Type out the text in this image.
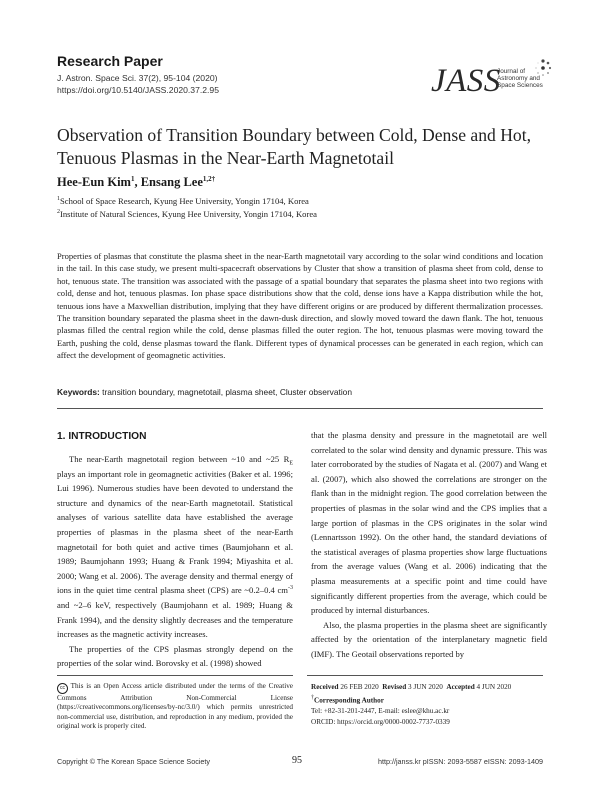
Research Paper
J. Astron. Space Sci. 37(2), 95-104 (2020)
https://doi.org/10.5140/JASS.2020.37.2.95	JASS
Journal of
Astronomy and
Space Sciences
Observation of Transition Boundary between Cold, Dense and Hot, Tenuous Plasmas in the Near-Earth Magnetotail
Hee-Eun Kim$^1$, Ensang Lee$^{1,2\dagger}$
$^1$School of Space Research, Kyung Hee University, Yongin 17104, Korea
$^2$Institute of Natural Sciences, Kyung Hee University, Yongin 17104, Korea
Properties of plasmas that constitute the plasma sheet in the near-Earth magnetotail vary according to the solar wind conditions and location in the tail. In this case study, we present multi-spacecraft observations by Cluster that show a transition of plasma sheet from cold, dense to hot, tenuous state. The transition was associated with the passage of a spatial boundary that separates the plasma sheet into two regions with cold, dense and hot, tenuous plasmas. Ion phase space distributions show that the cold, dense ions have a Kappa distribution while the hot, tenuous ions have a Maxwellian distribution, implying that they have different origins or are produced by different thermalization processes. The transition boundary separated the plasma sheet in the dawn-dusk direction, and slowly moved toward the dawn flank. The hot, tenuous plasmas filled the central region while the cold, dense plasmas filled the outer region. The hot, tenuous plasmas were moving toward the Earth, pushing the cold, dense plasmas toward the flank. Different types of dynamical processes can be generated in each region, which can affect the development of geomagnetic activities.
Keywords: transition boundary, magnetotail, plasma sheet, Cluster observation
1. INTRODUCTION

The near-Earth magnetotail region between ~10 and ~25 $R_E$ plays an important role in geomagnetic activities (Baker et al. 1996; Lui 1996). Numerous studies have been devoted to understand the structure and dynamics of the near-Earth magnetotail. Statistical analyses of various satellite data have established the average properties of plasmas in the plasma sheet of the near-Earth magnetotail for both quiet and active times (Baumjohann et al. 1989; Baumjohann 1993; Huang & Frank 1994; Miyashita et al. 2000; Wang et al. 2006). The average density and thermal energy of ions in the quiet time central plasma sheet (CPS) are ~0.2–0.4 $cm^{-3}$ and ~2–6 keV, respectively (Baumjohann et al. 1989; Huang & Frank 1994), and the density slightly decreases and the temperature increases as the magnetic activity increases.

The properties of the CPS plasmas strongly depend on the properties of the solar wind. Borovsky et al. (1998) showed

that the plasma density and pressure in the magnetotail are well correlated to the solar wind density and dynamic pressure. This was later corroborated by the studies of Nagata et al. (2007) and Wang et al. (2007), which also showed the correlations are stronger on the flank than in the midnight region. The good correlation between the properties of plasmas in the solar wind and the CPS implies that a large portion of plasmas in the CPS originates in the solar wind (Lennartsson 1992). On the other hand, the standard deviations of the statistical averages of plasma properties show large fluctuations from the average values (Wang et al. 2006) indicating that the plasma measurements at a specific point and time could have significantly different properties from the average, which could be produced by internal disturbances.

Also, the plasma properties in the plasma sheet are significantly affected by the orientation of the interplanetary magnetic field (IMF). The Geotail observations reported by

cc This is an Open Access article distributed under the terms of the Creative Commons Attribution Non-Commercial License (https://creativecommons.org/licenses/by-nc/3.0/) which permits unrestricted non-commercial use, distribution, and reproduction in any medium, provided the original work is properly cited.
Received 26 FEB 2020 Revised 3 JUN 2020 Accepted 4 JUN 2020
†Corresponding Author
Tel: +82-31-201-2447, E-mail: eslee@khu.ac.kr
ORCID: https://orcid.org/0000-0002-7737-0339
Copyright © The Korean Space Science Society	95	http://janss.kr pISSN: 2093-5587 eISSN: 2093-1409
